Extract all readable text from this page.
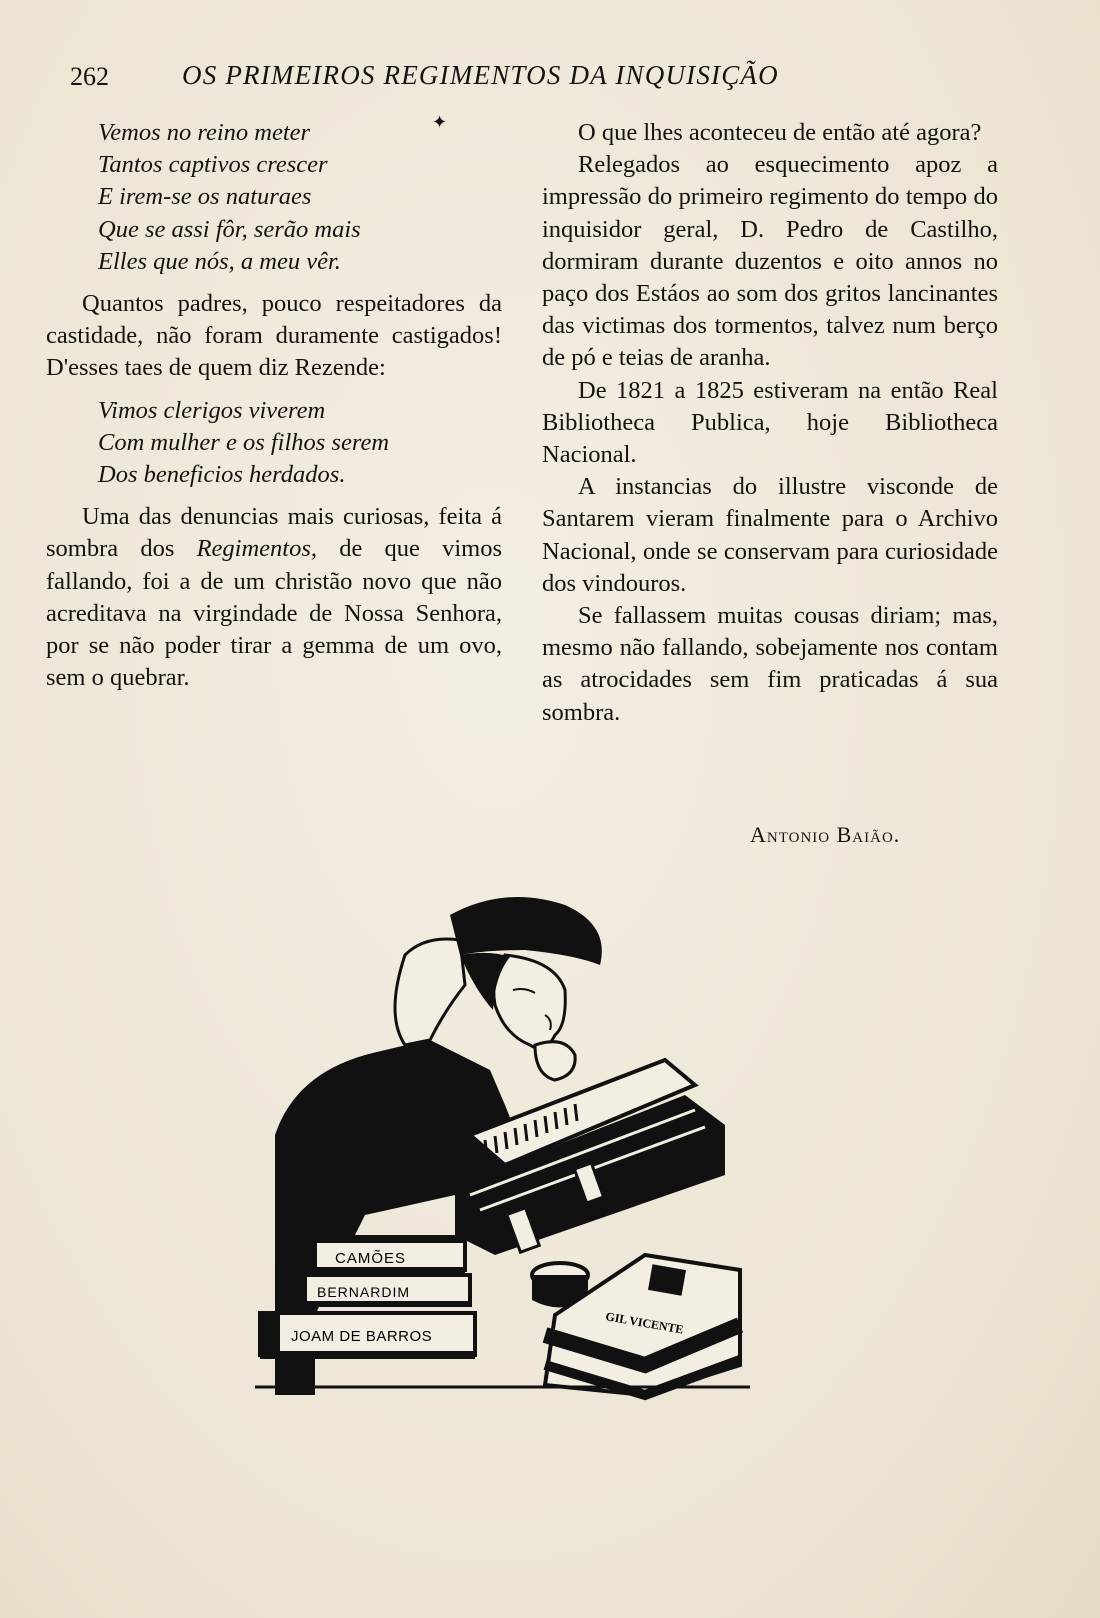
262	OS PRIMEIROS REGIMENTOS DA INQUISIÇÃO
✦
Vemos no reino meter
Tantos captivos crescer
E irem-se os naturaes
Que se assi fôr, serão mais
Elles que nós, a meu vêr.

Quantos padres, pouco respeitadores da castidade, não foram duramente castigados! D'esses taes de quem diz Rezende:

Vimos clerigos viverem
Com mulher e os filhos serem
Dos beneficios herdados.

Uma das denuncias mais curiosas, feita á sombra dos Regimentos, de que vimos fallando, foi a de um christão novo que não acreditava na virgindade de Nossa Senhora, por se não poder tirar a gemma de um ovo, sem o quebrar.

O que lhes aconteceu de então até agora?

Relegados ao esquecimento apoz a impressão do primeiro regimento do tempo do inquisidor geral, D. Pedro de Castilho, dormiram durante duzentos e oito annos no paço dos Estáos ao som dos gritos lancinantes das victimas dos tormentos, talvez num berço de pó e teias de aranha.

De 1821 a 1825 estiveram na então Real Bibliotheca Publica, hoje Bibliotheca Nacional.

A instancias do illustre visconde de Santarem vieram finalmente para o Archivo Nacional, onde se conservam para curiosidade dos vindouros.

Se fallassem muitas cousas diriam; mas, mesmo não fallando, sobejamente nos contam as atrocidades sem fim praticadas á sua sombra.

Antonio Baião.
GIL VICENTE
CAMÕES
BERNARDIM
JOAM DE BARROS
